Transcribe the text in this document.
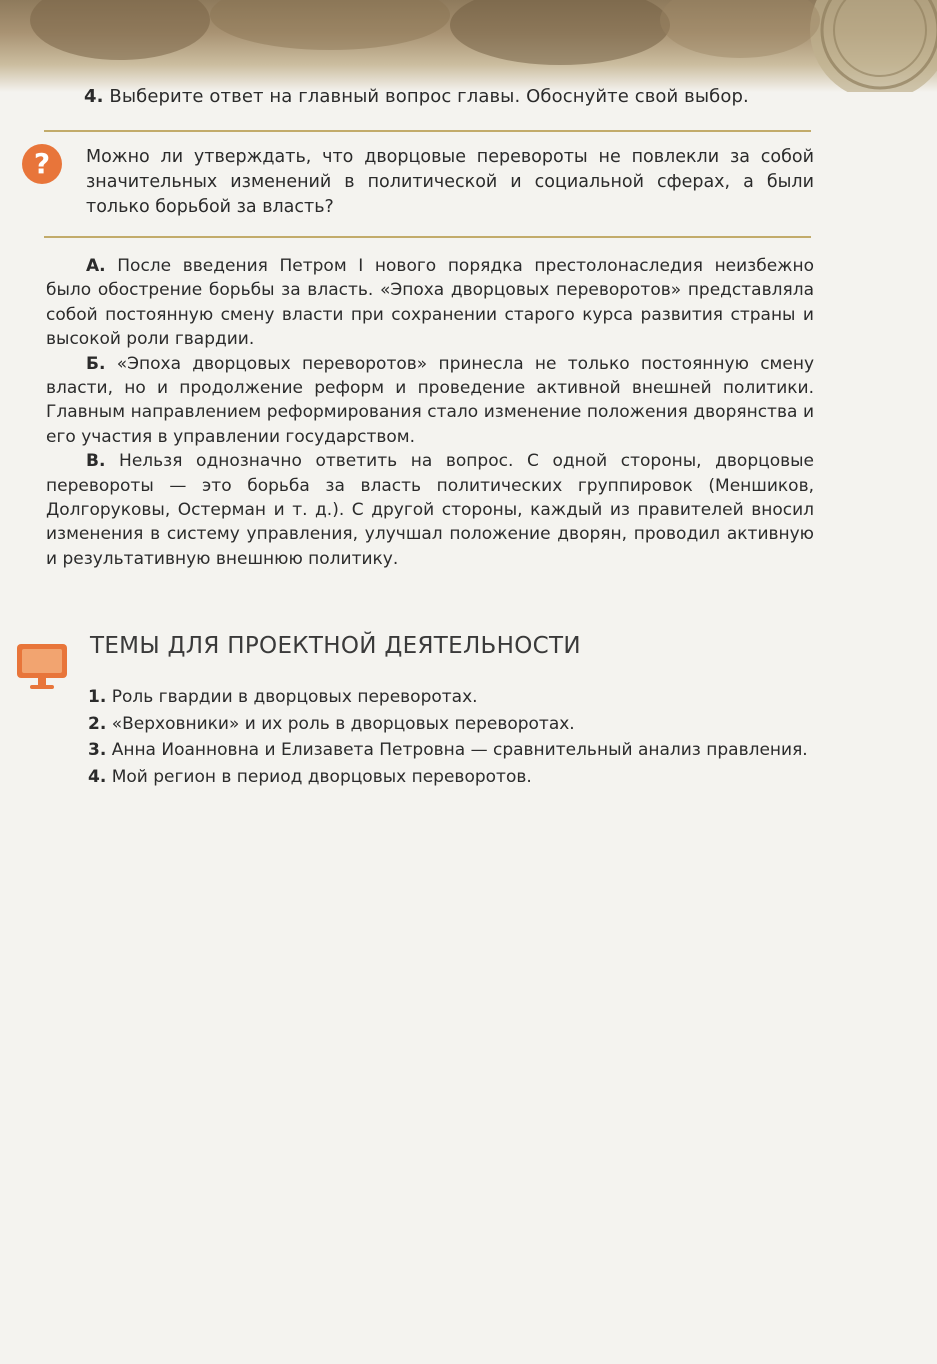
4. Выберите ответ на главный вопрос главы. Обоснуйте свой выбор.
?	Можно ли утверждать, что дворцовые перевороты не повлекли за собой значительных изменений в политической и социальной сферах, а были только борьбой за власть?

А. После введения Петром I нового порядка престолонаследия неизбежно было обострение борьбы за власть. «Эпоха дворцовых переворотов» представляла собой постоянную смену власти при сохранении старого курса развития страны и высокой роли гвардии.

Б. «Эпоха дворцовых переворотов» принесла не только постоянную смену власти, но и продолжение реформ и проведение активной внешней политики. Главным направлением реформирования стало изменение положения дворянства и его участия в управлении государством.

В. Нельзя однозначно ответить на вопрос. С одной стороны, дворцовые перевороты — это борьба за власть политических группировок (Меншиков, Долгоруковы, Остерман и т. д.). С другой стороны, каждый из правителей вносил изменения в систему управления, улучшал положение дворян, проводил активную и результативную внешнюю политику.

ТЕМЫ ДЛЯ ПРОЕКТНОЙ ДЕЯТЕЛЬНОСТИ

1. Роль гвардии в дворцовых переворотах.

2. «Верховники» и их роль в дворцовых переворотах.

3. Анна Иоанновна и Елизавета Петровна — сравнительный анализ правления.

4. Мой регион в период дворцовых переворотов.
